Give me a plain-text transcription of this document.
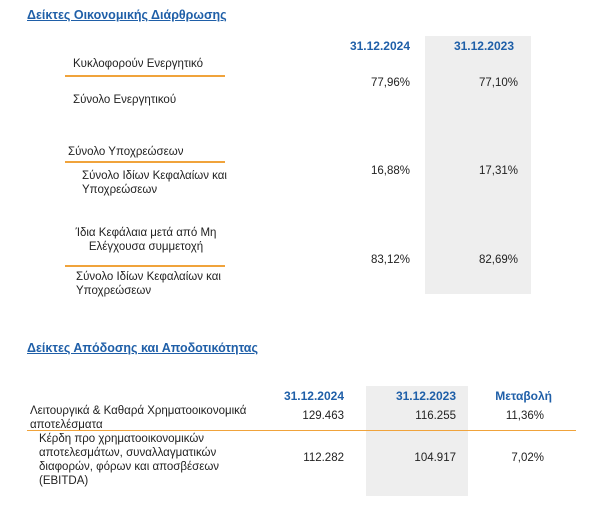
Δείκτες Οικονομικής Διάρθρωσης
31.12.2024	31.12.2023
Κυκλοφορούν Ενεργητικό
Σύνολο Ενεργητικού
77,96%	77,10%
Σύνολο Υποχρεώσεων
Σύνολο Ιδίων Κεφαλαίων και Υποχρεώσεων
16,88%	17,31%
Ίδια Κεφάλαια μετά από Μη Ελέγχουσα συμμετοχή
Σύνολο Ιδίων Κεφαλαίων και Υποχρεώσεων
83,12%	82,69%
Δείκτες Απόδοσης και Αποδοτικότητας
31.12.2024	31.12.2023	Μεταβολή
Λειτουργικά & Καθαρά Χρηματοοικονομικά αποτελέσματα
129.463	116.255	11,36%
Κέρδη προ χρηματοοικονομικών αποτελεσμάτων, συναλλαγματικών διαφορών, φόρων και αποσβέσεων (EBITDA)
112.282	104.917	7,02%
